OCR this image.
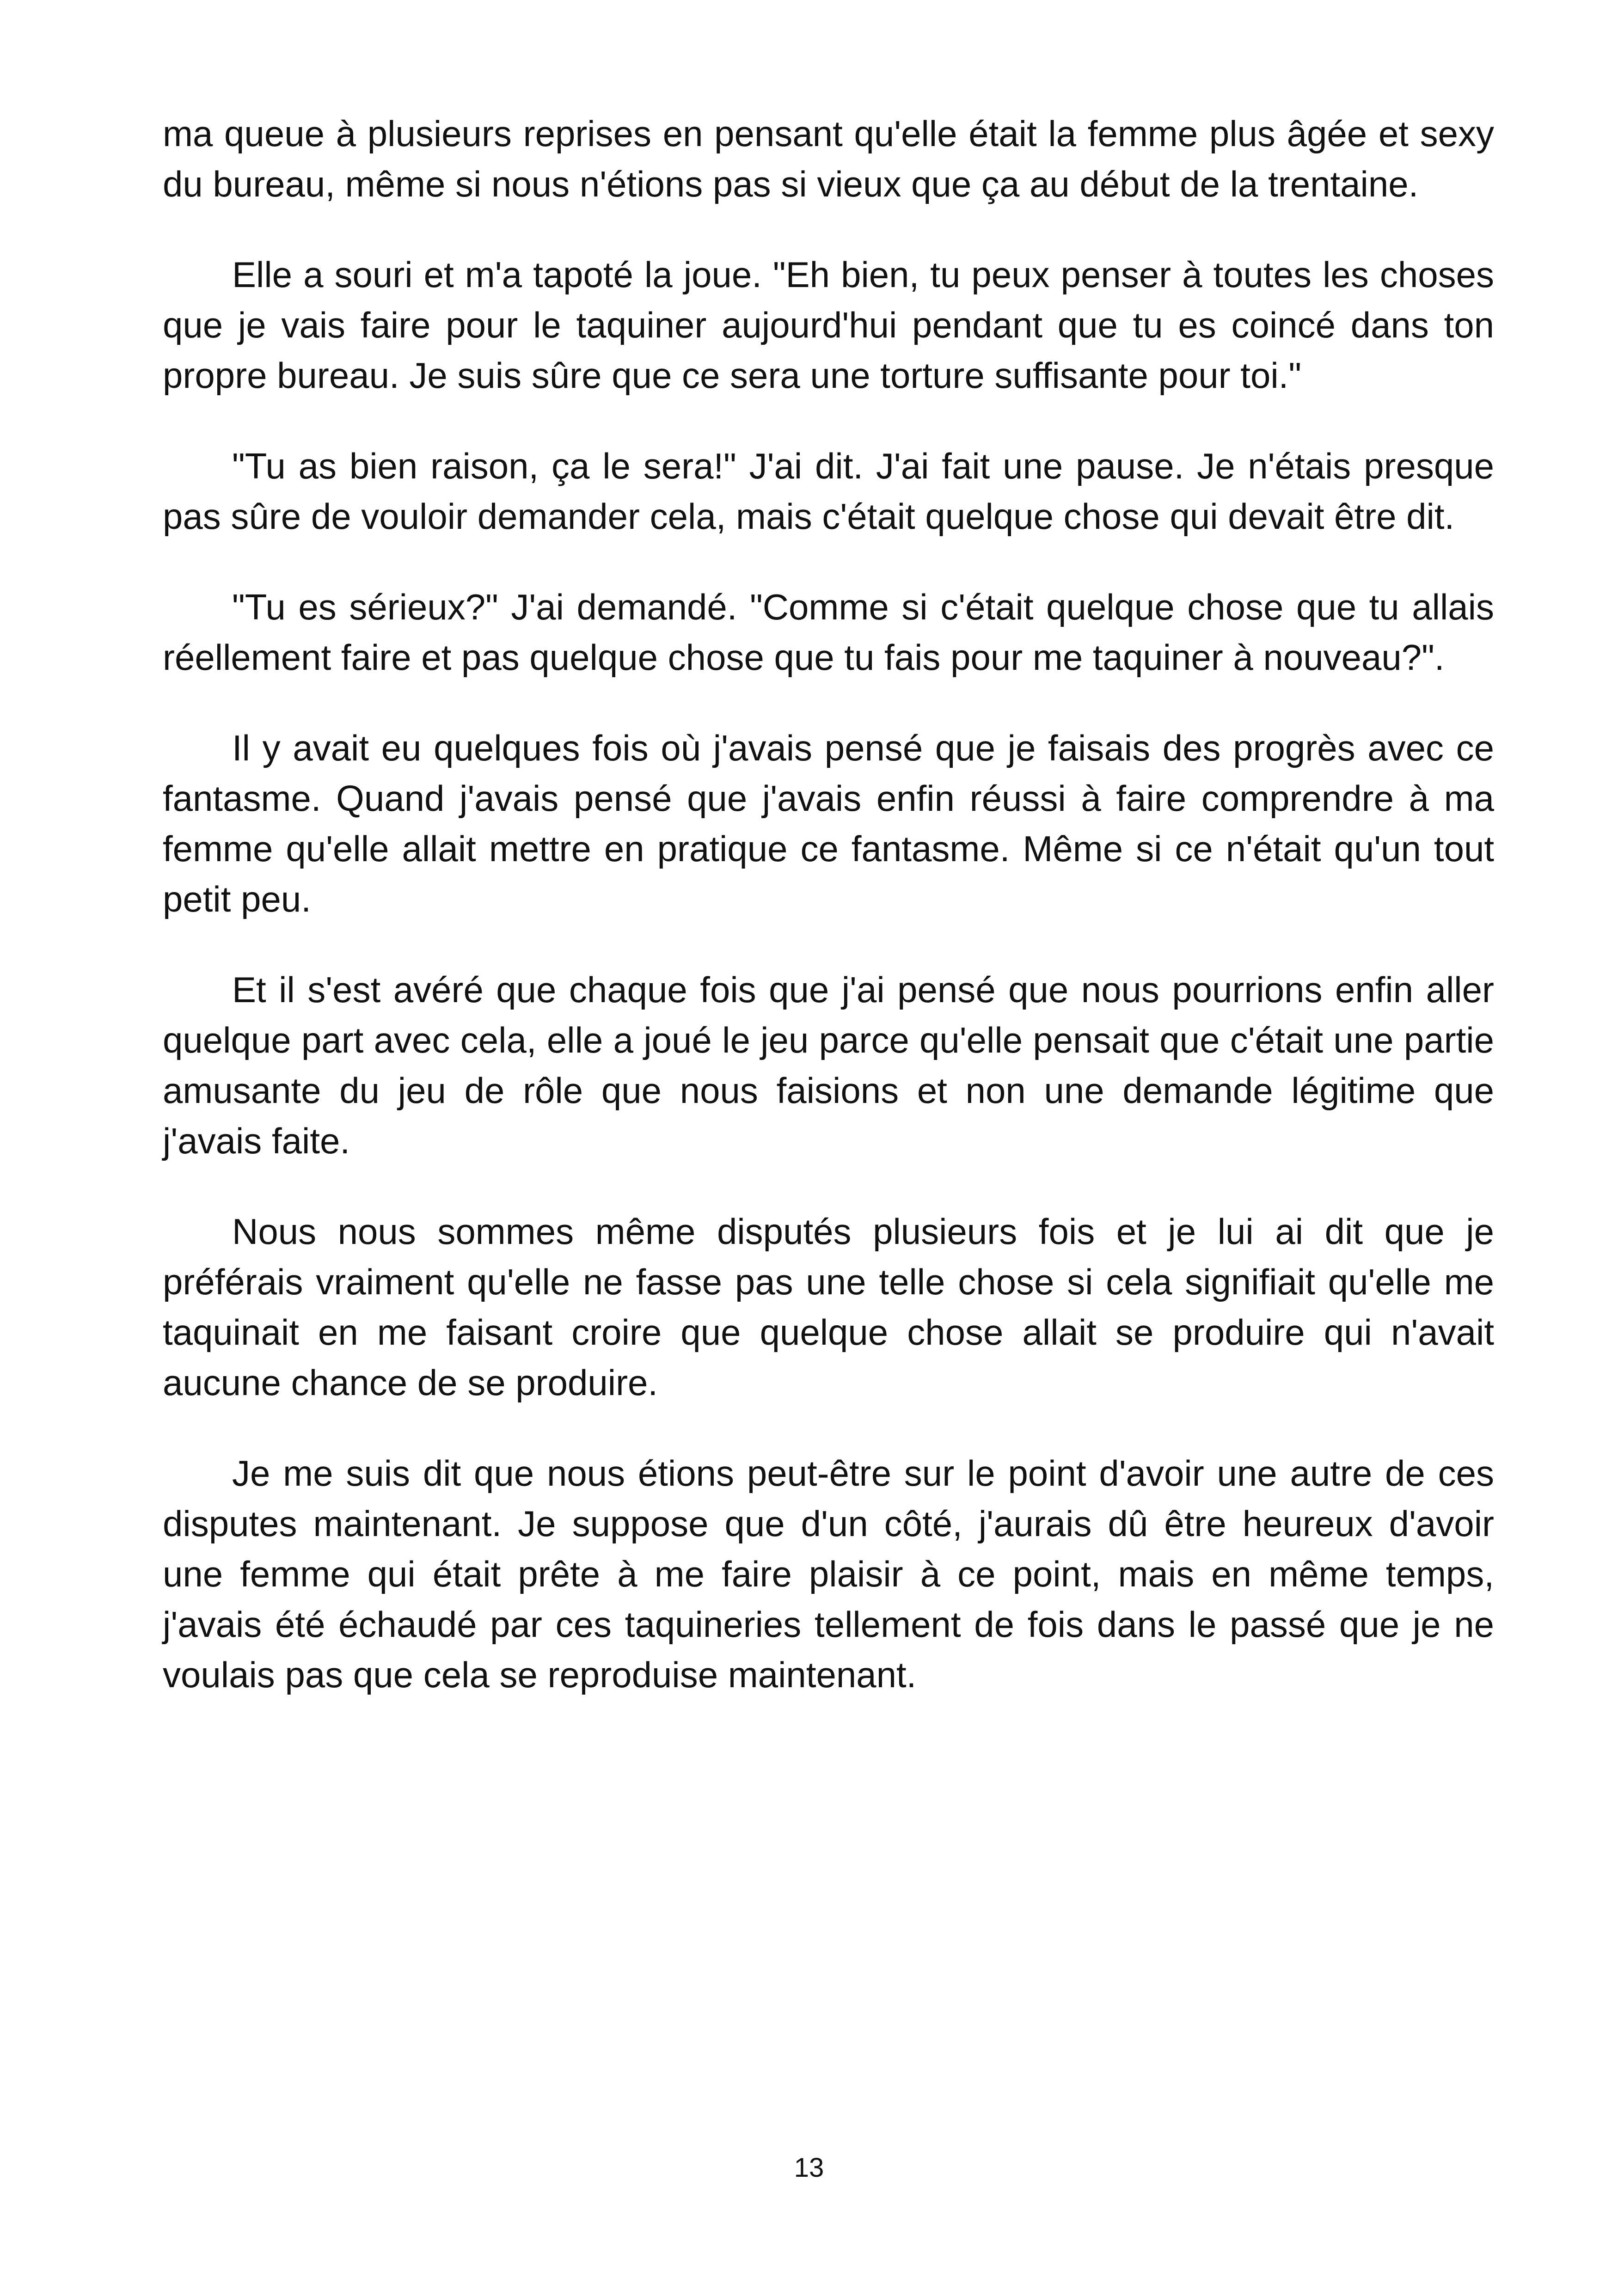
ma queue à plusieurs reprises en pensant qu'elle était la femme plus âgée et sexy du bureau, même si nous n'étions pas si vieux que ça au début de la trentaine.

Elle a souri et m'a tapoté la joue. "Eh bien, tu peux penser à toutes les choses que je vais faire pour le taquiner aujourd'hui pendant que tu es coincé dans ton propre bureau. Je suis sûre que ce sera une torture suffisante pour toi."

"Tu as bien raison, ça le sera!" J'ai dit. J'ai fait une pause. Je n'étais presque pas sûre de vouloir demander cela, mais c'était quelque chose qui devait être dit.

"Tu es sérieux?" J'ai demandé. "Comme si c'était quelque chose que tu allais réellement faire et pas quelque chose que tu fais pour me taquiner à nouveau?".

Il y avait eu quelques fois où j'avais pensé que je faisais des progrès avec ce fantasme. Quand j'avais pensé que j'avais enfin réussi à faire comprendre à ma femme qu'elle allait mettre en pratique ce fantasme. Même si ce n'était qu'un tout petit peu.

Et il s'est avéré que chaque fois que j'ai pensé que nous pourrions enfin aller quelque part avec cela, elle a joué le jeu parce qu'elle pensait que c'était une partie amusante du jeu de rôle que nous faisions et non une demande légitime que j'avais faite.

Nous nous sommes même disputés plusieurs fois et je lui ai dit que je préférais vraiment qu'elle ne fasse pas une telle chose si cela signifiait qu'elle me taquinait en me faisant croire que quelque chose allait se produire qui n'avait aucune chance de se produire.

Je me suis dit que nous étions peut-être sur le point d'avoir une autre de ces disputes maintenant. Je suppose que d'un côté, j'aurais dû être heureux d'avoir une femme qui était prête à me faire plaisir à ce point, mais en même temps, j'avais été échaudé par ces taquineries tellement de fois dans le passé que je ne voulais pas que cela se reproduise maintenant.

13
